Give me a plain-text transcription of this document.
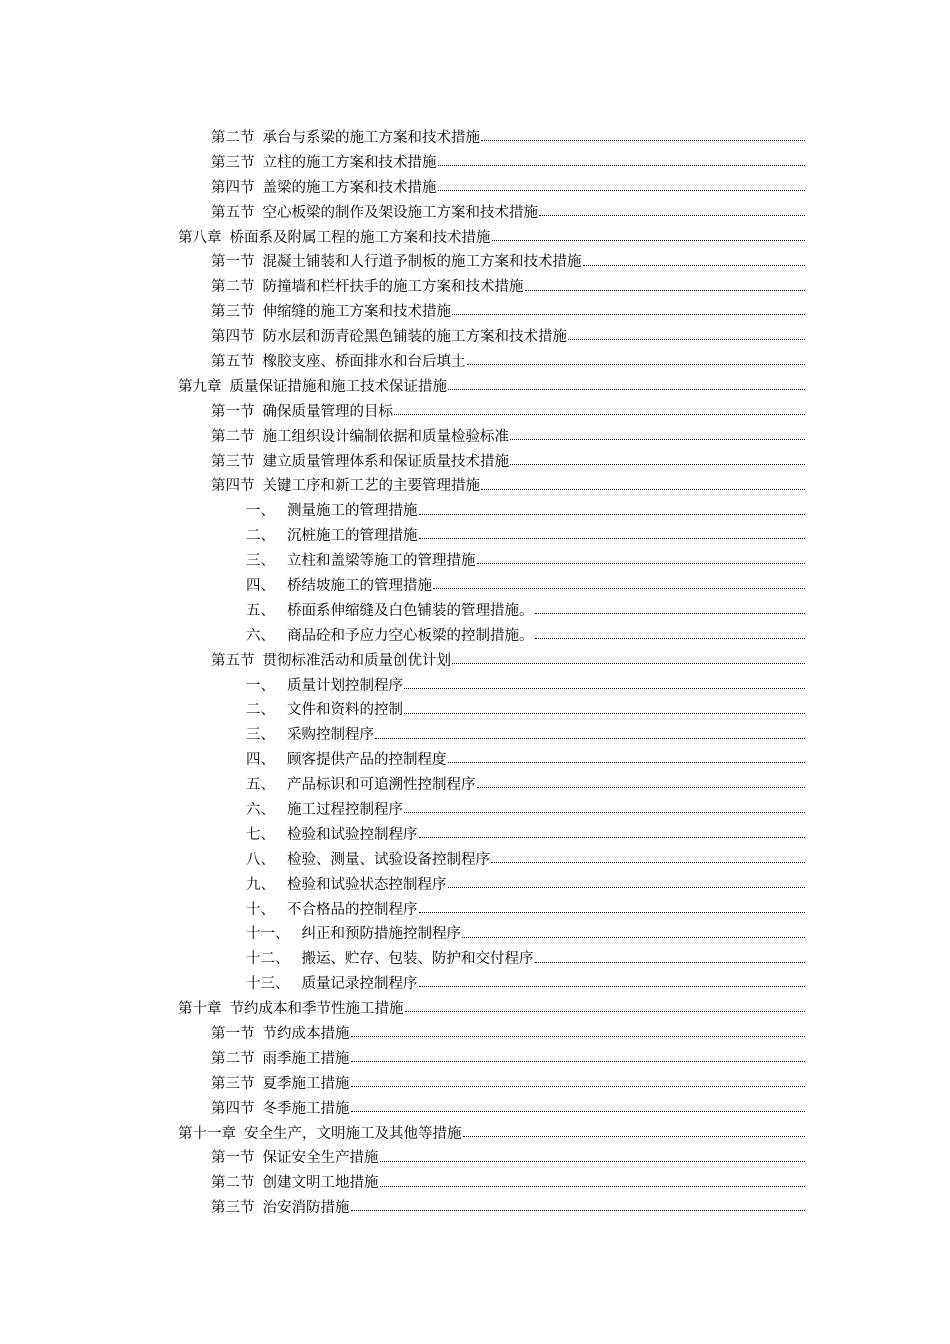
第二节 承台与系梁的施工方案和技术措施
第三节 立柱的施工方案和技术措施
第四节 盖梁的施工方案和技术措施
第五节 空心板梁的制作及架设施工方案和技术措施
第八章 桥面系及附属工程的施工方案和技术措施
第一节 混凝土铺装和人行道予制板的施工方案和技术措施
第二节 防撞墙和栏杆扶手的施工方案和技术措施
第三节 伸缩缝的施工方案和技术措施
第四节 防水层和沥青砼黑色铺装的施工方案和技术措施
第五节 橡胶支座、桥面排水和台后填土
第九章 质量保证措施和施工技术保证措施
第一节 确保质量管理的目标
第二节 施工组织设计编制依据和质量检验标准
第三节 建立质量管理体系和保证质量技术措施
第四节 关键工序和新工艺的主要管理措施
一、 测量施工的管理措施
二、 沉桩施工的管理措施
三、 立柱和盖梁等施工的管理措施
四、 桥结坡施工的管理措施
五、 桥面系伸缩缝及白色铺装的管理措施。
六、 商品砼和予应力空心板梁的控制措施。
第五节 贯彻标准活动和质量创优计划
一、 质量计划控制程序
二、 文件和资料的控制
三、 采购控制程序
四、 顾客提供产品的控制程度
五、 产品标识和可追溯性控制程序
六、 施工过程控制程序
七、 检验和试验控制程序
八、 检验、测量、试验设备控制程序
九、 检验和试验状态控制程序
十、 不合格品的控制程序
十一、 纠正和预防措施控制程序
十二、 搬运、贮存、包装、防护和交付程序
十三、 质量记录控制程序
第十章 节约成本和季节性施工措施
第一节 节约成本措施
第二节 雨季施工措施
第三节 夏季施工措施
第四节 冬季施工措施
第十一章 安全生产，文明施工及其他等措施
第一节 保证安全生产措施
第二节 创建文明工地措施
第三节 治安消防措施
